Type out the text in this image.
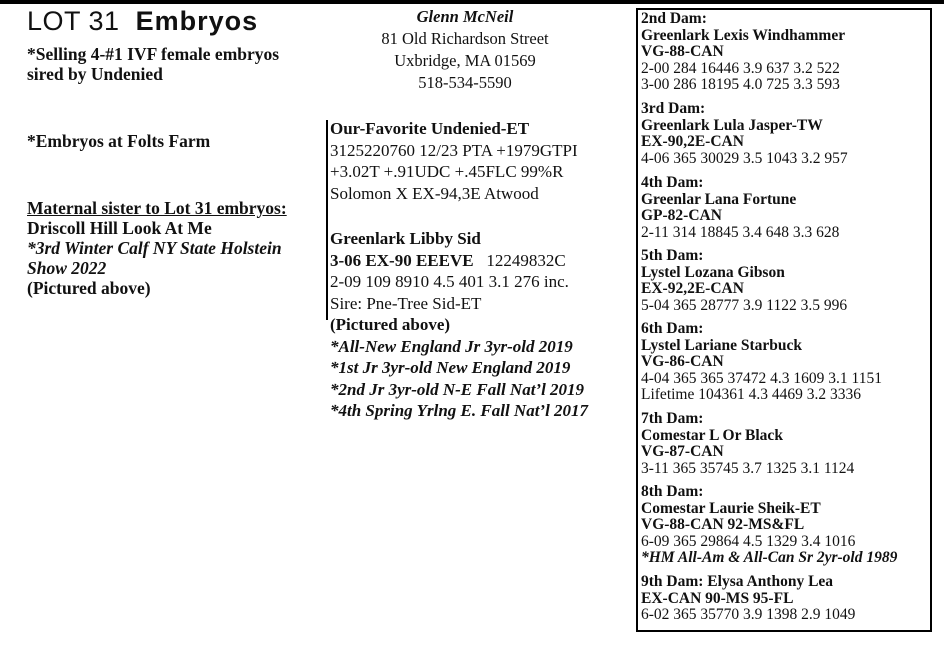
LOT 31 Embryos
*Selling 4-#1 IVF female embryos
sired by Undenied
*Embryos at Folts Farm
Maternal sister to Lot 31 embryos:
Driscoll Hill Look At Me
*3rd Winter Calf NY State Holstein
Show 2022
(Pictured above)
Glenn McNeil
81 Old Richardson Street
Uxbridge, MA 01569
518-534-5590
Our-Favorite Undenied-ET
3125220760 12/23 PTA +1979GTPI
+3.02T +.91UDC +.45FLC 99%R
Solomon X EX-94,3E Atwood
Greenlark Libby Sid
3-06 EX-90 EEEVE 12249832C
2-09 109 8910 4.5 401 3.1 276 inc.
Sire: Pne-Tree Sid-ET
(Pictured above)
*All-New England Jr 3yr-old 2019
*1st Jr 3yr-old New England 2019
*2nd Jr 3yr-old N-E Fall Nat’l 2019
*4th Spring Yrlng E. Fall Nat’l 2017
2nd Dam:
Greenlark Lexis Windhammer
VG-88-CAN
2-00 284 16446 3.9 637 3.2 522
3-00 286 18195 4.0 725 3.3 593
3rd Dam:
Greenlark Lula Jasper-TW
EX-90,2E-CAN
4-06 365 30029 3.5 1043 3.2 957
4th Dam:
Greenlar Lana Fortune
GP-82-CAN
2-11 314 18845 3.4 648 3.3 628
5th Dam:
Lystel Lozana Gibson
EX-92,2E-CAN
5-04 365 28777 3.9 1122 3.5 996
6th Dam:
Lystel Lariane Starbuck
VG-86-CAN
4-04 365 365 37472 4.3 1609 3.1 1151
Lifetime 104361 4.3 4469 3.2 3336
7th Dam:
Comestar L Or Black
VG-87-CAN
3-11 365 35745 3.7 1325 3.1 1124
8th Dam:
Comestar Laurie Sheik-ET
VG-88-CAN 92-MS&FL
6-09 365 29864 4.5 1329 3.4 1016
*HM All-Am & All-Can Sr 2yr-old 1989
9th Dam: Elysa Anthony Lea
EX-CAN 90-MS 95-FL
6-02 365 35770 3.9 1398 2.9 1049
